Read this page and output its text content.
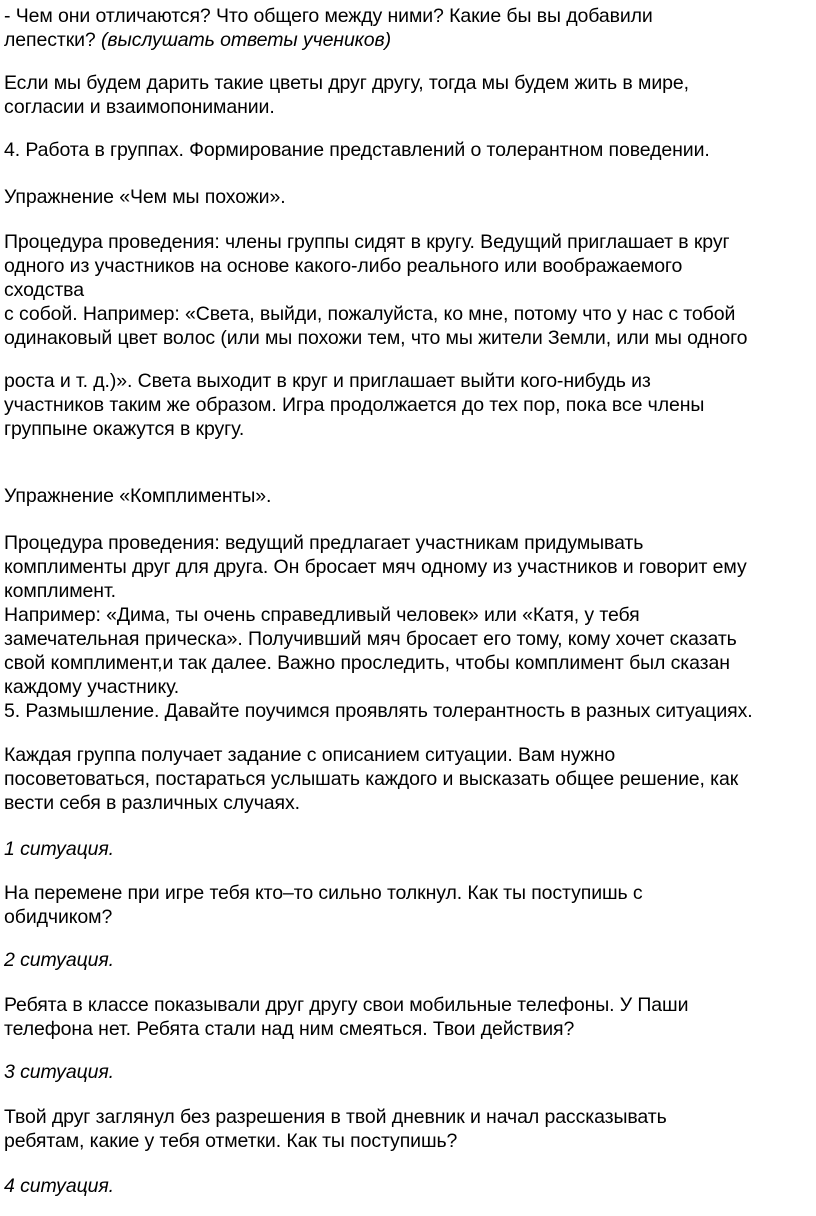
- Чем они отличаются? Что общего между ними? Какие бы вы добавили
лепестки? (выслушать ответы учеников)
Если мы будем дарить такие цветы друг другу, тогда мы будем жить в мире,
согласии и взаимопонимании.
4. Работа в группах. Формирование представлений о толерантном поведении.
Упражнение «Чем мы похожи».
Процедура проведения: члены группы сидят в кругу. Ведущий приглашает в круг
одного из участников на основе какого-либо реального или воображаемого
сходства
с собой. Например: «Света, выйди, пожалуйста, ко мне, потому что у нас с тобой
одинаковый цвет волос (или мы похожи тем, что мы жители Земли, или мы одного
роста и т. д.)». Света выходит в круг и приглашает выйти кого-нибудь из
участников таким же образом. Игра продолжается до тех пор, пока все члены
группыне окажутся в кругу.
Упражнение «Комплименты».
Процедура проведения: ведущий предлагает участникам придумывать
комплименты друг для друга. Он бросает мяч одному из участников и говорит ему
комплимент.
Например: «Дима, ты очень справедливый человек» или «Катя, у тебя
замечательная прическа». Получивший мяч бросает его тому, кому хочет сказать
свой комплимент,и так далее. Важно проследить, чтобы комплимент был сказан
каждому участнику.
5. Размышление. Давайте поучимся проявлять толерантность в разных ситуациях.
Каждая группа получает задание с описанием ситуации. Вам нужно
посоветоваться, постараться услышать каждого и высказать общее решение, как
вести себя в различных случаях.
1 ситуация.
На перемене при игре тебя кто–то сильно толкнул. Как ты поступишь с
обидчиком?
2 ситуация.
Ребята в классе показывали друг другу свои мобильные телефоны. У Паши
телефона нет. Ребята стали над ним смеяться. Твои действия?
3 ситуация.
Твой друг заглянул без разрешения в твой дневник и начал рассказывать
ребятам, какие у тебя отметки. Как ты поступишь?
4 ситуация.
